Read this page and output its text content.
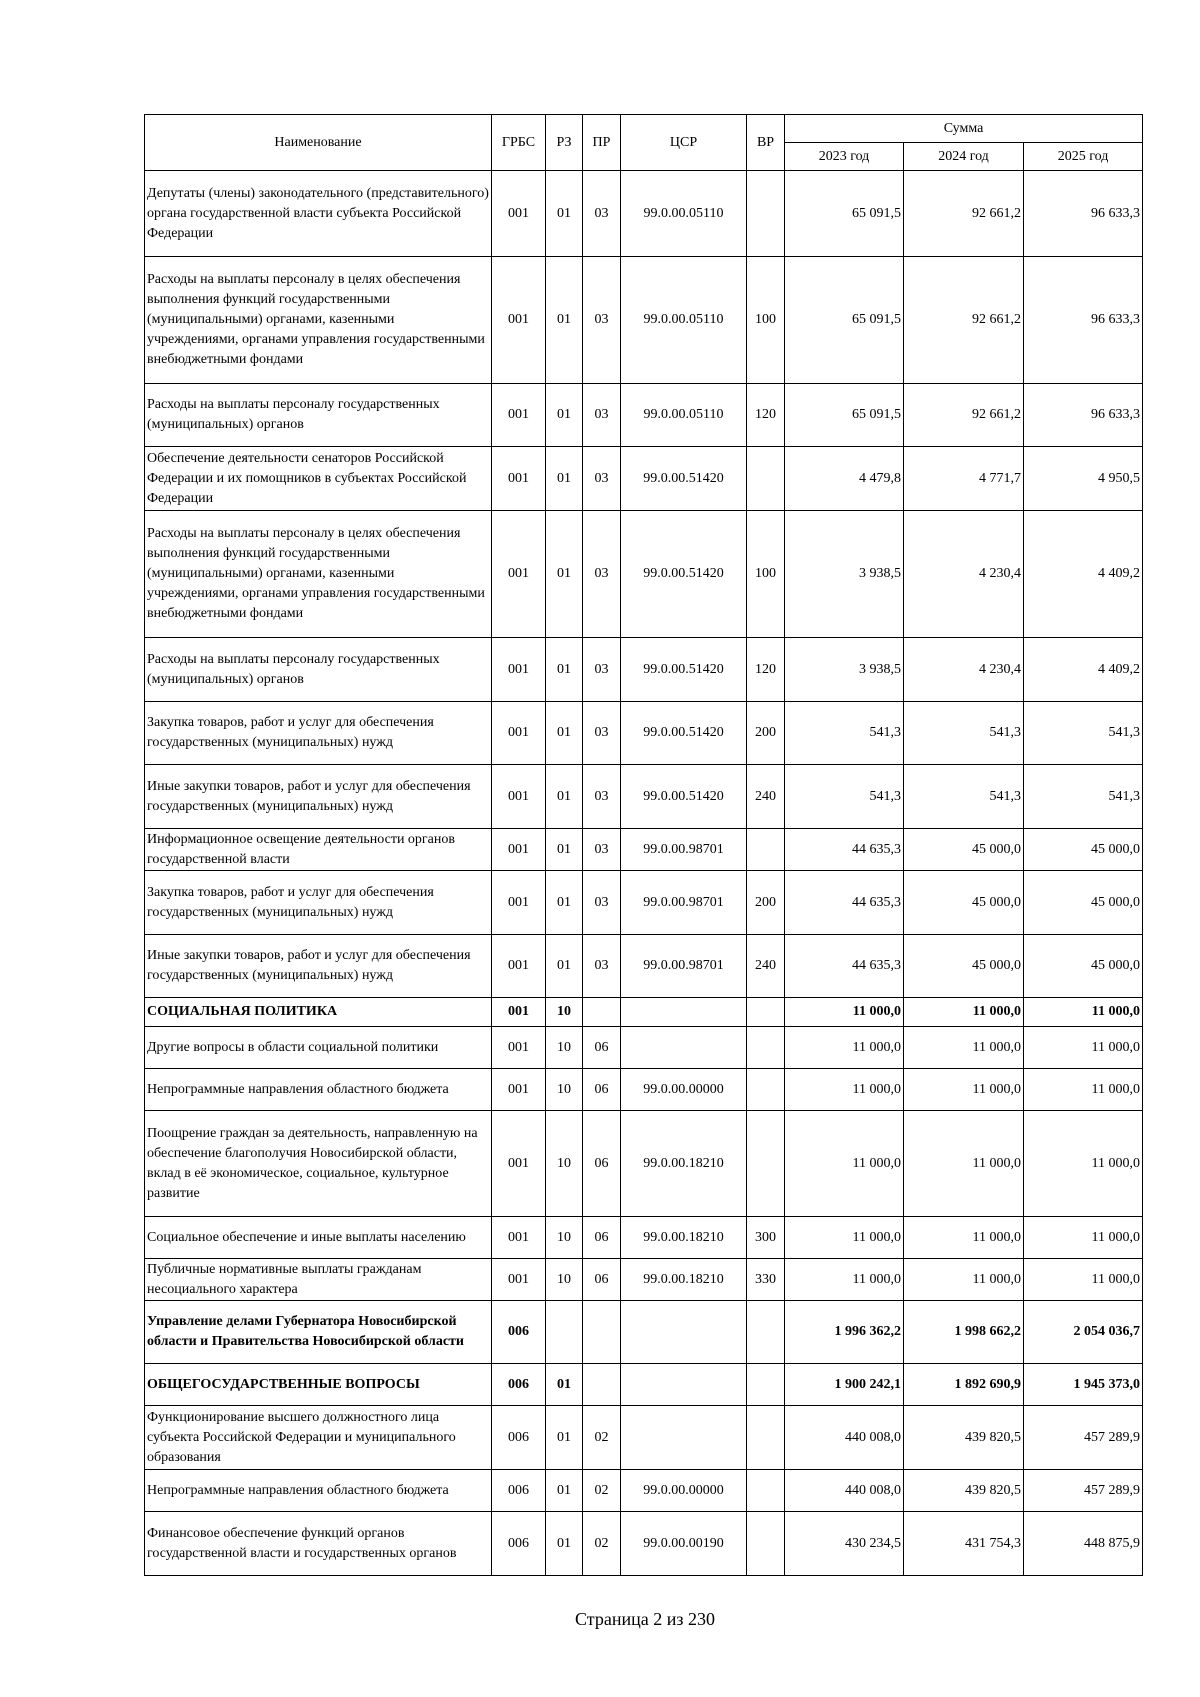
Наименование	ГРБС	РЗ	ПР	ЦСР	ВР	Сумма		
						2023 год	2024 год	2025 год
Депутаты (члены) законодательного (представительного) органа государственной власти субъекта Российской Федерации	001	01	03	99.0.00.05110		65 091,5	92 661,2	96 633,3
Расходы на выплаты персоналу в целях обеспечения выполнения функций государственными (муниципальными) органами, казенными учреждениями, органами управления государственными внебюджетными фондами	001	01	03	99.0.00.05110	100	65 091,5	92 661,2	96 633,3
Расходы на выплаты персоналу государственных (муниципальных) органов	001	01	03	99.0.00.05110	120	65 091,5	92 661,2	96 633,3
Обеспечение деятельности сенаторов Российской Федерации и их помощников в субъектах Российской Федерации	001	01	03	99.0.00.51420		4 479,8	4 771,7	4 950,5
Расходы на выплаты персоналу в целях обеспечения выполнения функций государственными (муниципальными) органами, казенными учреждениями, органами управления государственными внебюджетными фондами	001	01	03	99.0.00.51420	100	3 938,5	4 230,4	4 409,2
Расходы на выплаты персоналу государственных (муниципальных) органов	001	01	03	99.0.00.51420	120	3 938,5	4 230,4	4 409,2
Закупка товаров, работ и услуг для обеспечения государственных (муниципальных) нужд	001	01	03	99.0.00.51420	200	541,3	541,3	541,3
Иные закупки товаров, работ и услуг для обеспечения государственных (муниципальных) нужд	001	01	03	99.0.00.51420	240	541,3	541,3	541,3
Информационное освещение деятельности органов государственной власти	001	01	03	99.0.00.98701		44 635,3	45 000,0	45 000,0
Закупка товаров, работ и услуг для обеспечения государственных (муниципальных) нужд	001	01	03	99.0.00.98701	200	44 635,3	45 000,0	45 000,0
Иные закупки товаров, работ и услуг для обеспечения государственных (муниципальных) нужд	001	01	03	99.0.00.98701	240	44 635,3	45 000,0	45 000,0
СОЦИАЛЬНАЯ ПОЛИТИКА	001	10				11 000,0	11 000,0	11 000,0
Другие вопросы в области социальной политики	001	10	06			11 000,0	11 000,0	11 000,0
Непрограммные направления областного бюджета	001	10	06	99.0.00.00000		11 000,0	11 000,0	11 000,0
Поощрение граждан за деятельность, направленную на обеспечение благополучия Новосибирской области, вклад в её экономическое, социальное, культурное развитие	001	10	06	99.0.00.18210		11 000,0	11 000,0	11 000,0
Социальное обеспечение и иные выплаты населению	001	10	06	99.0.00.18210	300	11 000,0	11 000,0	11 000,0
Публичные нормативные выплаты гражданам несоциального характера	001	10	06	99.0.00.18210	330	11 000,0	11 000,0	11 000,0
Управление делами Губернатора Новосибирской области и Правительства Новосибирской области	006					1 996 362,2	1 998 662,2	2 054 036,7
ОБЩЕГОСУДАРСТВЕННЫЕ ВОПРОСЫ	006	01				1 900 242,1	1 892 690,9	1 945 373,0
Функционирование высшего должностного лица субъекта Российской Федерации и муниципального образования	006	01	02			440 008,0	439 820,5	457 289,9
Непрограммные направления областного бюджета	006	01	02	99.0.00.00000		440 008,0	439 820,5	457 289,9
Финансовое обеспечение функций органов государственной власти и государственных органов	006	01	02	99.0.00.00190		430 234,5	431 754,3	448 875,9
Страница 2 из 230
